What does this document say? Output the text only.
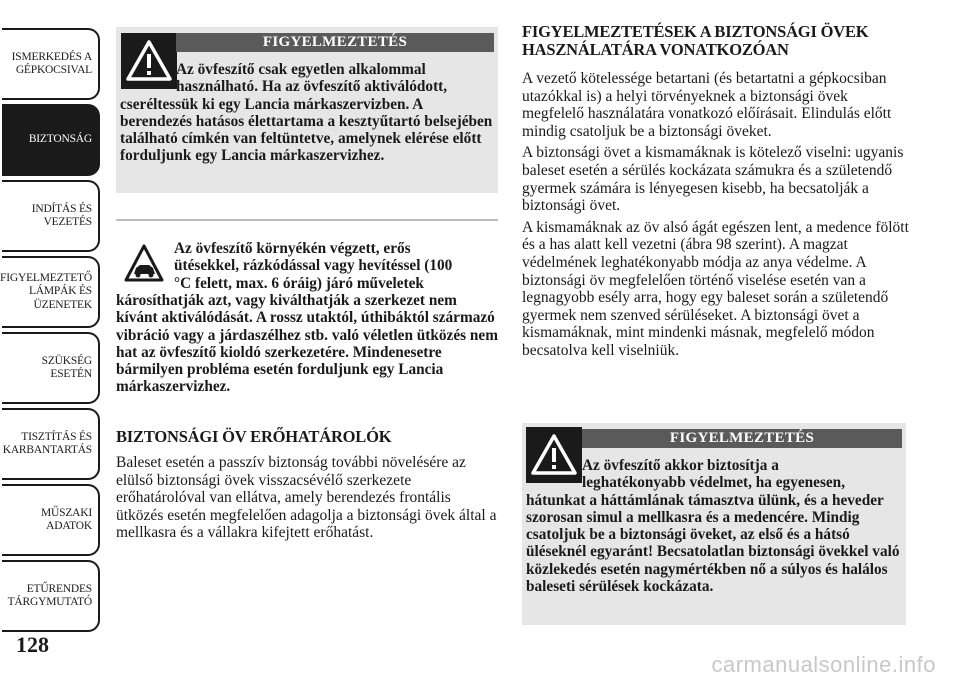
ISMERKEDÉS A
GÉPKOCSIVAL
BIZTONSÁG
INDÍTÁS ÉS
VEZETÉS
FIGYELMEZTETŐ
LÁMPÁK ÉS
ÜZENETEK
SZÜKSÉG ESETÉN
TISZTÍTÁS ÉS
KARBANTARTÁS
MŰSZAKI ADATOK
ETŰRENDES
TÁRGYMUTATÓ
128
FIGYELMEZTETÉS
Az övfeszítő csak egyetlen alkalommal
használható. Ha az övfeszítő aktiválódott,
cseréltessük ki egy Lancia márkaszervizben. A berendezés hatásos élettartama a kesztyűtartó belsejében található címkén van feltüntetve, amelynek elérése előtt forduljunk egy Lancia márkaszervizhez.
Az övfeszítő környékén végzett, erős
ütésekkel, rázkódással vagy hevítéssel (100
°C felett, max. 6 óráig) járó műveletek
károsíthatják azt, vagy kiválthatják a szerkezet nem kívánt aktiválódását. A rossz utaktól, úthibáktól származó vibráció vagy a járdaszélhez stb. való véletlen ütközés nem hat az övfeszítő kioldó szerkezetére. Mindenesetre bármilyen probléma esetén forduljunk egy Lancia márkaszervizhez.
BIZTONSÁGI ÖV ERŐHATÁROLÓK
Baleset esetén a passzív biztonság további növelésére az elülső biztonsági övek visszacsévélő szerkezete erőhatárolóval van ellátva, amely berendezés frontális ütközés esetén megfelelően adagolja a biztonsági övek által a mellkasra és a vállakra kifejtett erőhatást.
FIGYELMEZTETÉSEK A BIZTONSÁGI ÖVEK HASZNÁLATÁRA VONATKOZÓAN

A vezető kötelessége betartani (és betartatni a gépkocsiban utazókkal is) a helyi törvényeknek a biztonsági övek megfelelő használatára vonatkozó előírásait. Elindulás előtt mindig csatoljuk be a biztonsági öveket.

A biztonsági övet a kismamáknak is kötelező viselni: ugyanis baleset esetén a sérülés kockázata számukra és a születendő gyermek számára is lényegesen kisebb, ha becsatolják a biztonsági övet.

A kismamáknak az öv alsó ágát egészen lent, a medence fölött és a has alatt kell vezetni (ábra 98 szerint). A magzat védelmének leghatékonyabb módja az anya védelme. A biztonsági öv megfelelően történő viselése esetén van a legnagyobb esély arra, hogy egy baleset során a születendő gyermek nem szenved sérüléseket. A biztonsági övet a kismamáknak, mint mindenki másnak, megfelelő módon becsatolva kell viselniük.

FIGYELMEZTETÉS
Az övfeszítő akkor biztosítja a
leghatékonyabb védelmet, ha egyenesen,
hátunkat a háttámlának támasztva ülünk, és a heveder szorosan simul a mellkasra és a medencére. Mindig csatoljuk be a biztonsági öveket, az első és a hátsó üléseknél egyaránt! Becsatolatlan biztonsági övekkel való közlekedés esetén nagymértékben nő a súlyos és halálos baleseti sérülések kockázata.
carmanualsonline.info
